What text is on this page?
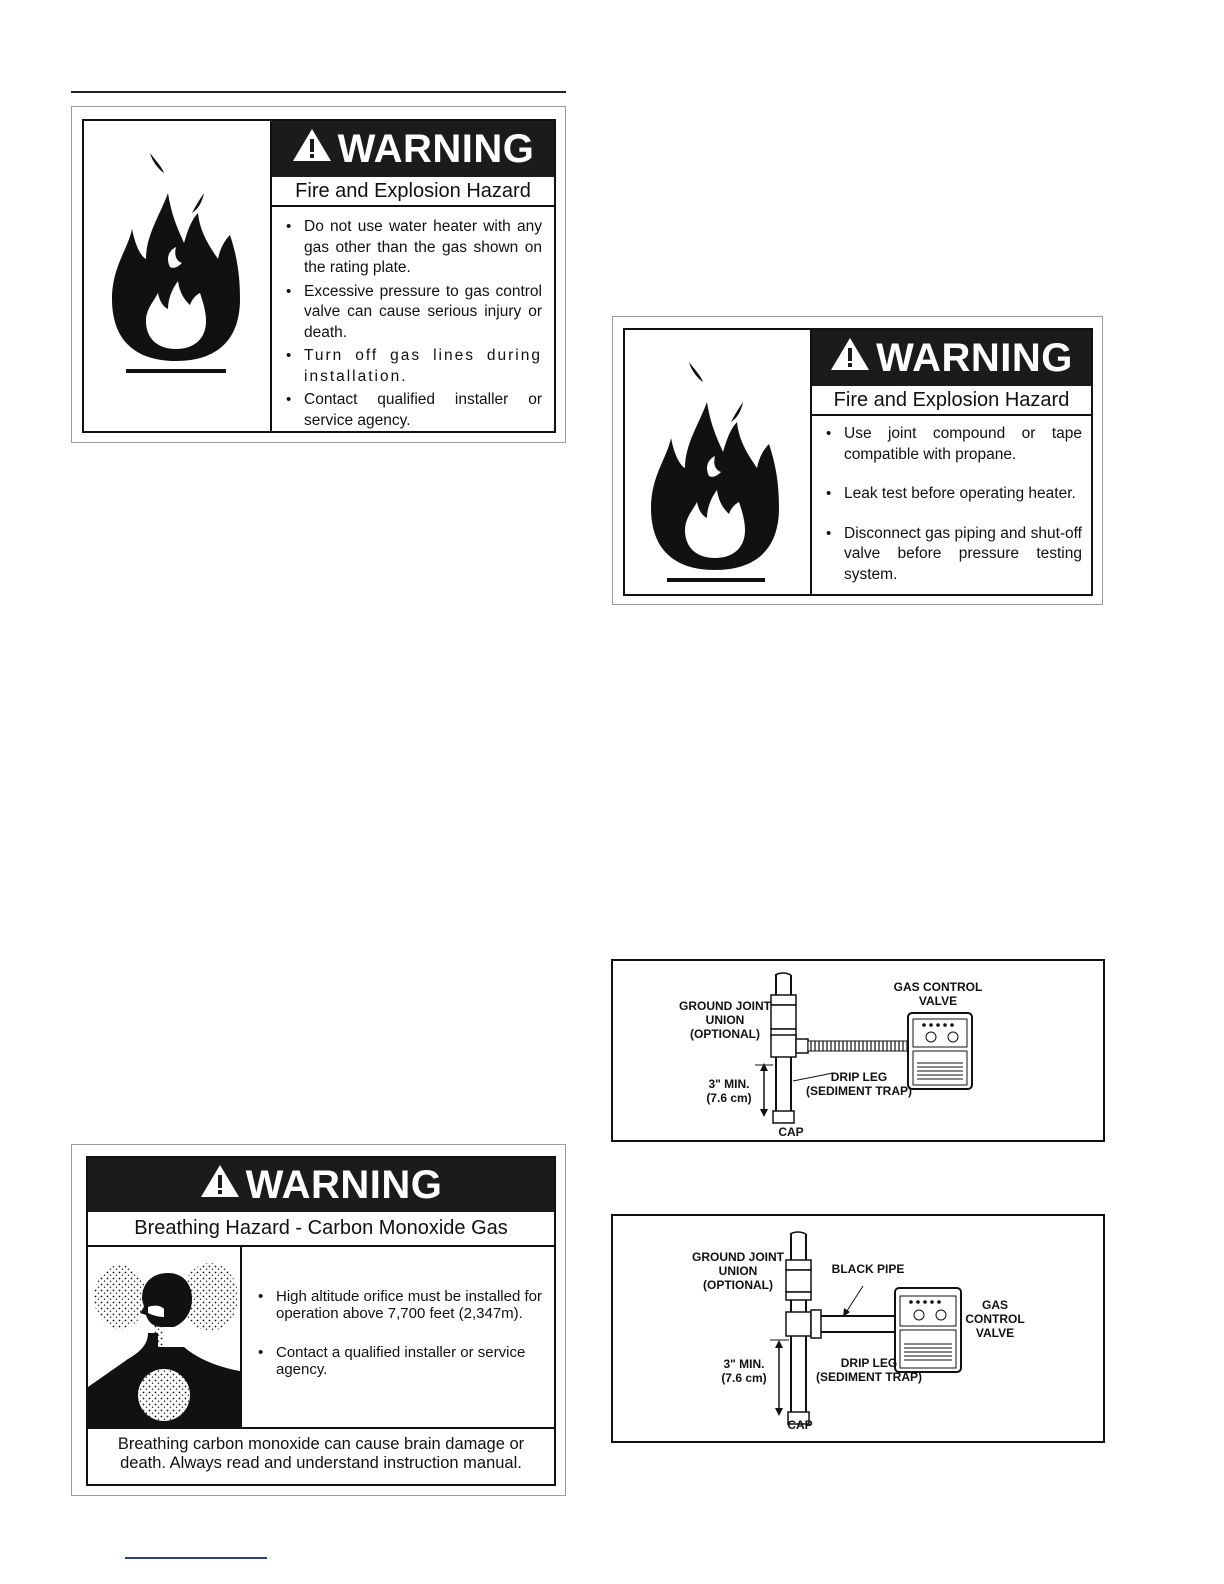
WARNING
Fire and Explosion Hazard
• Do not use water heater with any gas other than the gas shown on the rating plate.
• Excessive pressure to gas control valve can cause serious injury or death.
• Turn off gas lines during installation.
• Contact qualified installer or service agency.
WARNING
Fire and Explosion Hazard
• Use joint compound or tape compatible with propane.
• Leak test before operating heater.
• Disconnect gas piping and shut-off valve before pressure testing system.
GROUND JOINT
UNION
(OPTIONAL)
GAS CONTROL
VALVE
DRIP LEG
(SEDIMENT TRAP)
3" MIN.
(7.6 cm)
CAP
GROUND JOINT
UNION
(OPTIONAL)
BLACK PIPE
GAS
CONTROL
VALVE
DRIP LEG
(SEDIMENT TRAP)
3" MIN.
(7.6 cm)
CAP
WARNING
Breathing Hazard - Carbon Monoxide Gas
• High altitude orifice must be installed for operation above 7,700 feet (2,347m).
• Contact a qualified installer or service agency.
Breathing carbon monoxide can cause brain damage or death. Always read and understand instruction manual.
